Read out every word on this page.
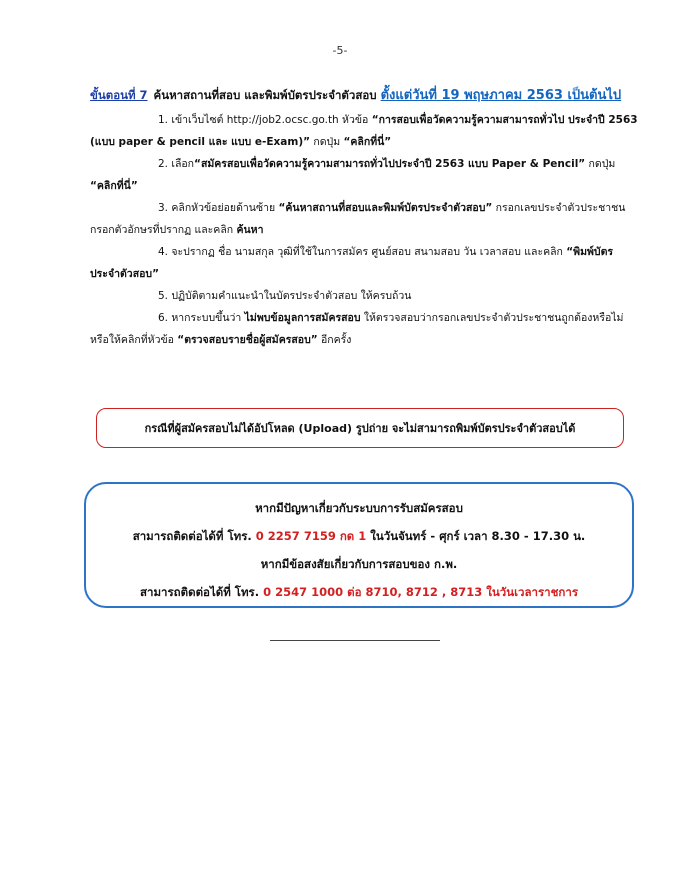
-5-
ขั้นตอนที่ 7 ค้นหาสถานที่สอบ และพิมพ์บัตรประจำตัวสอบ ตั้งแต่วันที่ 19 พฤษภาคม 2563 เป็นต้นไป
1. เข้าเว็บไซต์ http://job2.ocsc.go.th หัวข้อ “การสอบเพื่อวัดความรู้ความสามารถทั่วไป ประจำปี 2563 (แบบ paper & pencil และ แบบ e-Exam)” กดปุ่ม “คลิกที่นี่”
2. เลือก“สมัครสอบเพื่อวัดความรู้ความสามารถทั่วไปประจำปี 2563 แบบ Paper & Pencil” กดปุ่ม “คลิกที่นี่”
3. คลิกหัวข้อย่อยด้านซ้าย “ค้นหาสถานที่สอบและพิมพ์บัตรประจำตัวสอบ” กรอกเลขประจำตัวประชาชน กรอกตัวอักษรที่ปรากฏ และคลิก ค้นหา
4. จะปรากฏ ชื่อ นามสกุล วุฒิที่ใช้ในการสมัคร ศูนย์สอบ สนามสอบ วัน เวลาสอบ และคลิก “พิมพ์บัตรประจำตัวสอบ”
5. ปฏิบัติตามคำแนะนำในบัตรประจำตัวสอบ ให้ครบถ้วน
6. หากระบบขึ้นว่า ไม่พบข้อมูลการสมัครสอบ ให้ตรวจสอบว่ากรอกเลขประจำตัวประชาชนถูกต้องหรือไม่ หรือให้คลิกที่หัวข้อ “ตรวจสอบรายชื่อผู้สมัครสอบ” อีกครั้ง
กรณีที่ผู้สมัครสอบไม่ได้อัปโหลด (Upload) รูปถ่าย จะไม่สามารถพิมพ์บัตรประจำตัวสอบได้
หากมีปัญหาเกี่ยวกับระบบการรับสมัครสอบ
สามารถติดต่อได้ที่ โทร. 0 2257 7159 กด 1 ในวันจันทร์ - ศุกร์ เวลา 8.30 - 17.30 น.
หากมีข้อสงสัยเกี่ยวกับการสอบของ ก.พ.
สามารถติดต่อได้ที่ โทร. 0 2547 1000 ต่อ 8710, 8712 , 8713 ในวันเวลาราชการ
